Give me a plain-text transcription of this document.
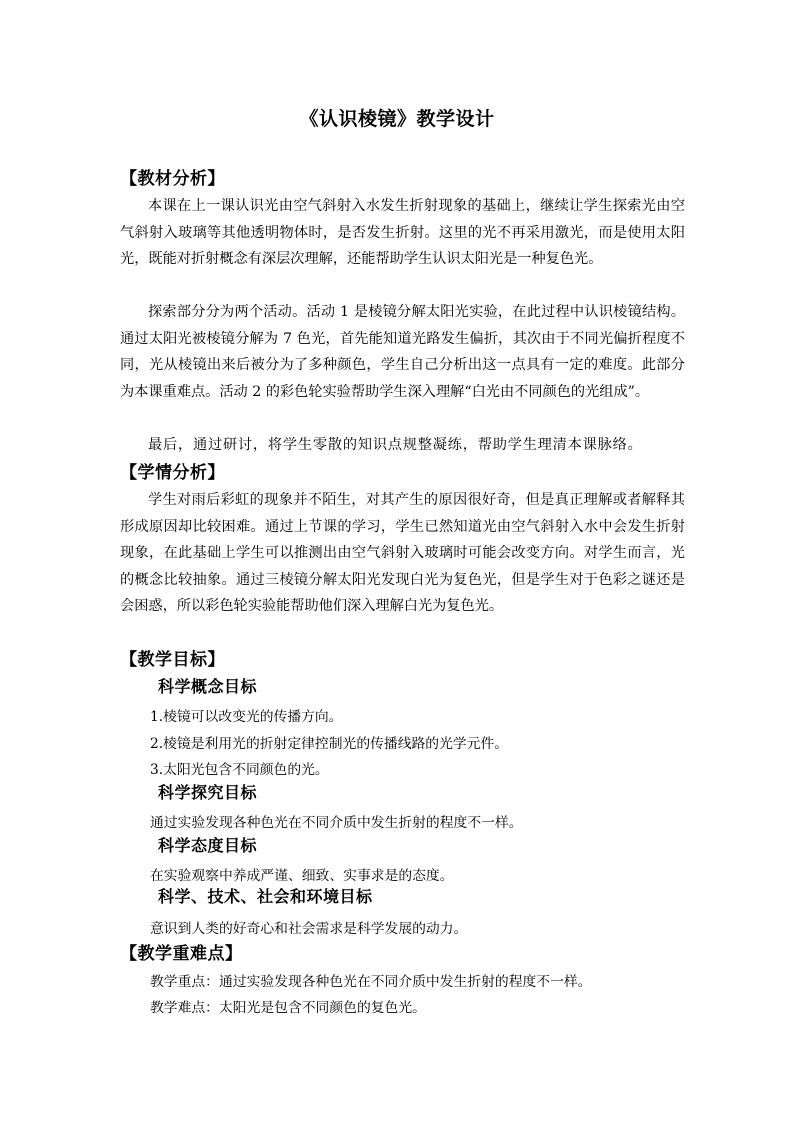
《认识棱镜》教学设计
【教材分析】
本课在上一课认识光由空气斜射入水发生折射现象的基础上，继续让学生探索光由空气斜射入玻璃等其他透明物体时，是否发生折射。这里的光不再采用激光，而是使用太阳光，既能对折射概念有深层次理解，还能帮助学生认识太阳光是一种复色光。
探索部分分为两个活动。活动 1 是棱镜分解太阳光实验，在此过程中认识棱镜结构。通过太阳光被棱镜分解为 7 色光，首先能知道光路发生偏折，其次由于不同光偏折程度不同，光从棱镜出来后被分为了多种颜色，学生自己分析出这一点具有一定的难度。此部分为本课重难点。活动 2 的彩色轮实验帮助学生深入理解“白光由不同颜色的光组成”。
最后，通过研讨，将学生零散的知识点规整凝练，帮助学生理清本课脉络。
【学情分析】
学生对雨后彩虹的现象并不陌生，对其产生的原因很好奇，但是真正理解或者解释其形成原因却比较困难。通过上节课的学习，学生已然知道光由空气斜射入水中会发生折射现象，在此基础上学生可以推测出由空气斜射入玻璃时可能会改变方向。对学生而言，光的概念比较抽象。通过三棱镜分解太阳光发现白光为复色光，但是学生对于色彩之谜还是会困惑，所以彩色轮实验能帮助他们深入理解白光为复色光。
【教学目标】
科学概念目标
1.棱镜可以改变光的传播方向。
2.棱镜是利用光的折射定律控制光的传播线路的光学元件。
3.太阳光包含不同颜色的光。
科学探究目标
通过实验发现各种色光在不同介质中发生折射的程度不一样。
科学态度目标
在实验观察中养成严谨、细致、实事求是的态度。
科学、技术、社会和环境目标
意识到人类的好奇心和社会需求是科学发展的动力。
【教学重难点】
教学重点：通过实验发现各种色光在不同介质中发生折射的程度不一样。
教学难点：太阳光是包含不同颜色的复色光。
